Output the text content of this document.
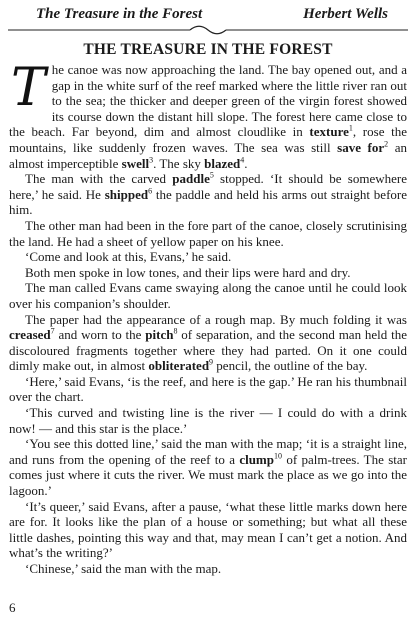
The Treasure in the Forest	Herbert Wells
THE TREASURE IN THE FOREST

The canoe was now approaching the land. The bay opened out, and a gap in the white surf of the reef marked where the little river ran out to the sea; the thicker and deeper green of the virgin forest showed its course down the distant hill slope. The forest here came close to the beach. Far beyond, dim and almost cloudlike in texture$^1$, rose the mountains, like suddenly frozen waves. The sea was still save for$^2$ an almost imperceptible swell$^3$. The sky blazed$^4$.

The man with the carved paddle$^5$ stopped. ‘It should be somewhere here,’ he said. He shipped$^6$ the paddle and held his arms out straight before him.

The other man had been in the fore part of the canoe, closely scrutinising the land. He had a sheet of yellow paper on his knee.

‘Come and look at this, Evans,’ he said.

Both men spoke in low tones, and their lips were hard and dry.

The man called Evans came swaying along the canoe until he could look over his companion’s shoulder.

The paper had the appearance of a rough map. By much folding it was creased$^7$ and worn to the pitch$^8$ of separation, and the second man held the discoloured fragments together where they had parted. On it one could dimly make out, in almost obliterated$^9$ pencil, the outline of the bay.

‘Here,’ said Evans, ‘is the reef, and here is the gap.’ He ran his thumbnail over the chart.

‘This curved and twisting line is the river — I could do with a drink now! — and this star is the place.’

‘You see this dotted line,’ said the man with the map; ‘it is a straight line, and runs from the opening of the reef to a clump$^{10}$ of palm-trees. The star comes just where it cuts the river. We must mark the place as we go into the lagoon.’

‘It’s queer,’ said Evans, after a pause, ‘what these little marks down here are for. It looks like the plan of a house or something; but what all these little dashes, pointing this way and that, may mean I can’t get a notion. And what’s the writing?’

‘Chinese,’ said the man with the map.

6
